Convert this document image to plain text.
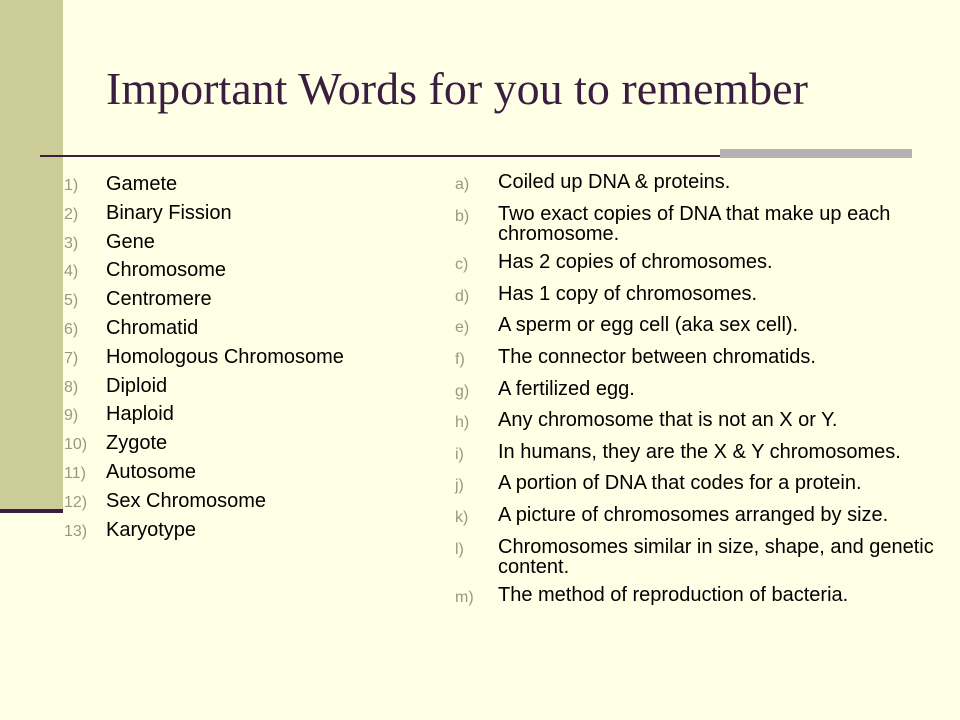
Important Words for you to remember
1)	Gamete
2)	Binary Fission
3)	Gene
4)	Chromosome
5)	Centromere
6)	Chromatid
7)	Homologous Chromosome
8)	Diploid
9)	Haploid
10) Zygote
11)	Autosome
12) Sex Chromosome
13) Karyotype
a)	Coiled up DNA & proteins.
b)	Two exact copies of DNA that make up each chromosome.
c)	Has 2 copies of chromosomes.
d)	Has 1 copy of chromosomes.
e)	A sperm or egg cell (aka sex cell).
f)	The connector between chromatids.
g)	A fertilized egg.
h)	Any chromosome that is not an X or Y.
i)	In humans, they are the X & Y chromosomes.
j)	A portion of DNA that codes for a protein.
k)	A picture of chromosomes arranged by size.
l)	Chromosomes similar in size, shape, and genetic content.
m)	The method of reproduction of bacteria.
